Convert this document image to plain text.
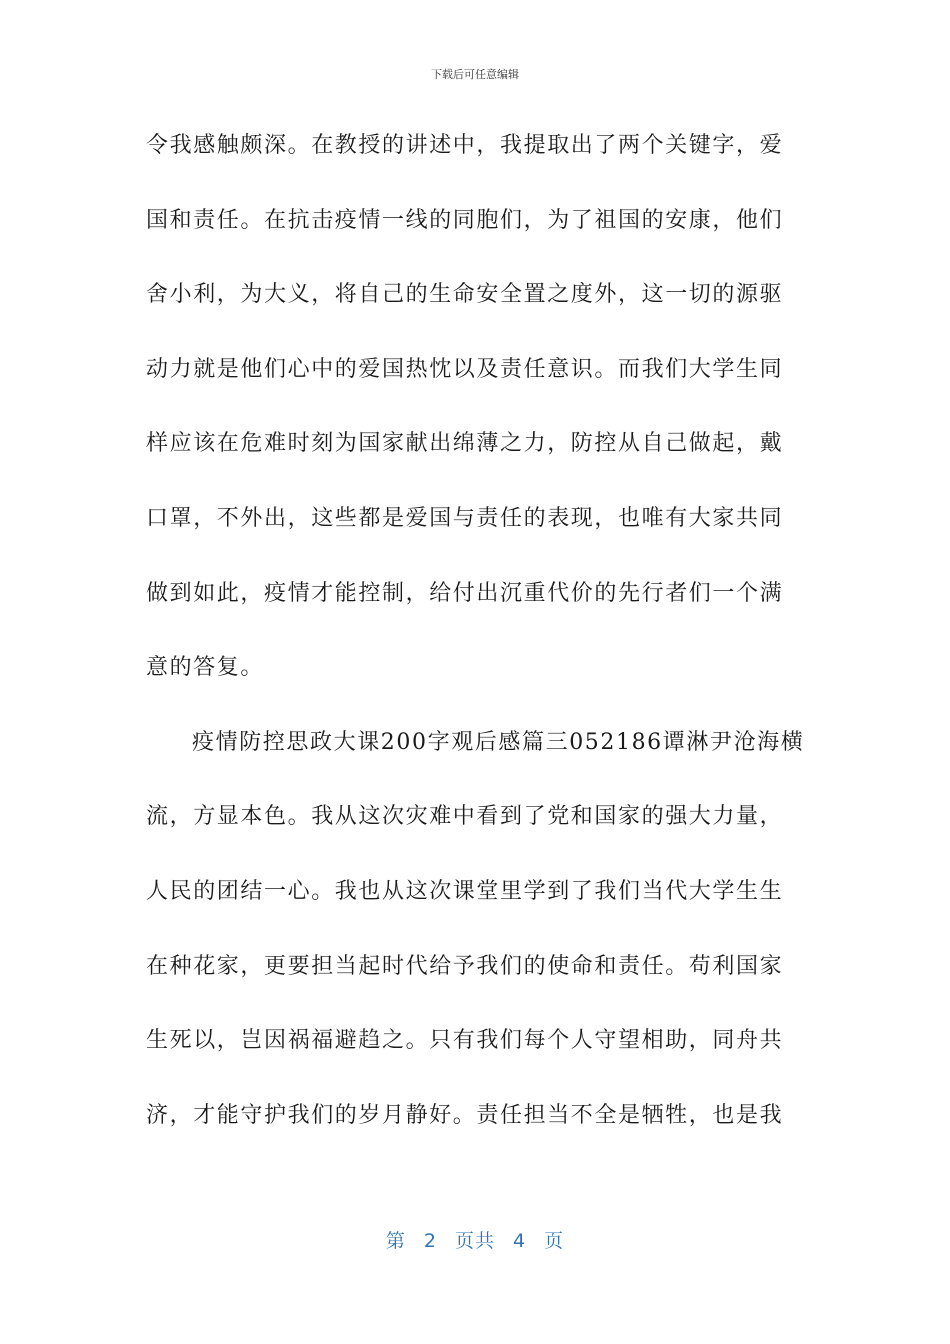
下载后可任意编辑
令我感触颇深。在教授的讲述中，我提取出了两个关键字，爱
国和责任。在抗击疫情一线的同胞们，为了祖国的安康，他们
舍小利，为大义，将自己的生命安全置之度外，这一切的源驱
动力就是他们心中的爱国热忱以及责任意识。而我们大学生同
样应该在危难时刻为国家献出绵薄之力，防控从自己做起，戴
口罩，不外出，这些都是爱国与责任的表现，也唯有大家共同
做到如此，疫情才能控制，给付出沉重代价的先行者们一个满
意的答复。
疫情防控思政大课200字观后感篇三052186谭淋尹沧海横
流，方显本色。我从这次灾难中看到了党和国家的强大力量，
人民的团结一心。我也从这次课堂里学到了我们当代大学生生
在种花家，更要担当起时代给予我们的使命和责任。苟利国家
生死以，岂因祸福避趋之。只有我们每个人守望相助，同舟共
济，才能守护我们的岁月静好。责任担当不全是牺牲，也是我
第 2 页共 4 页
